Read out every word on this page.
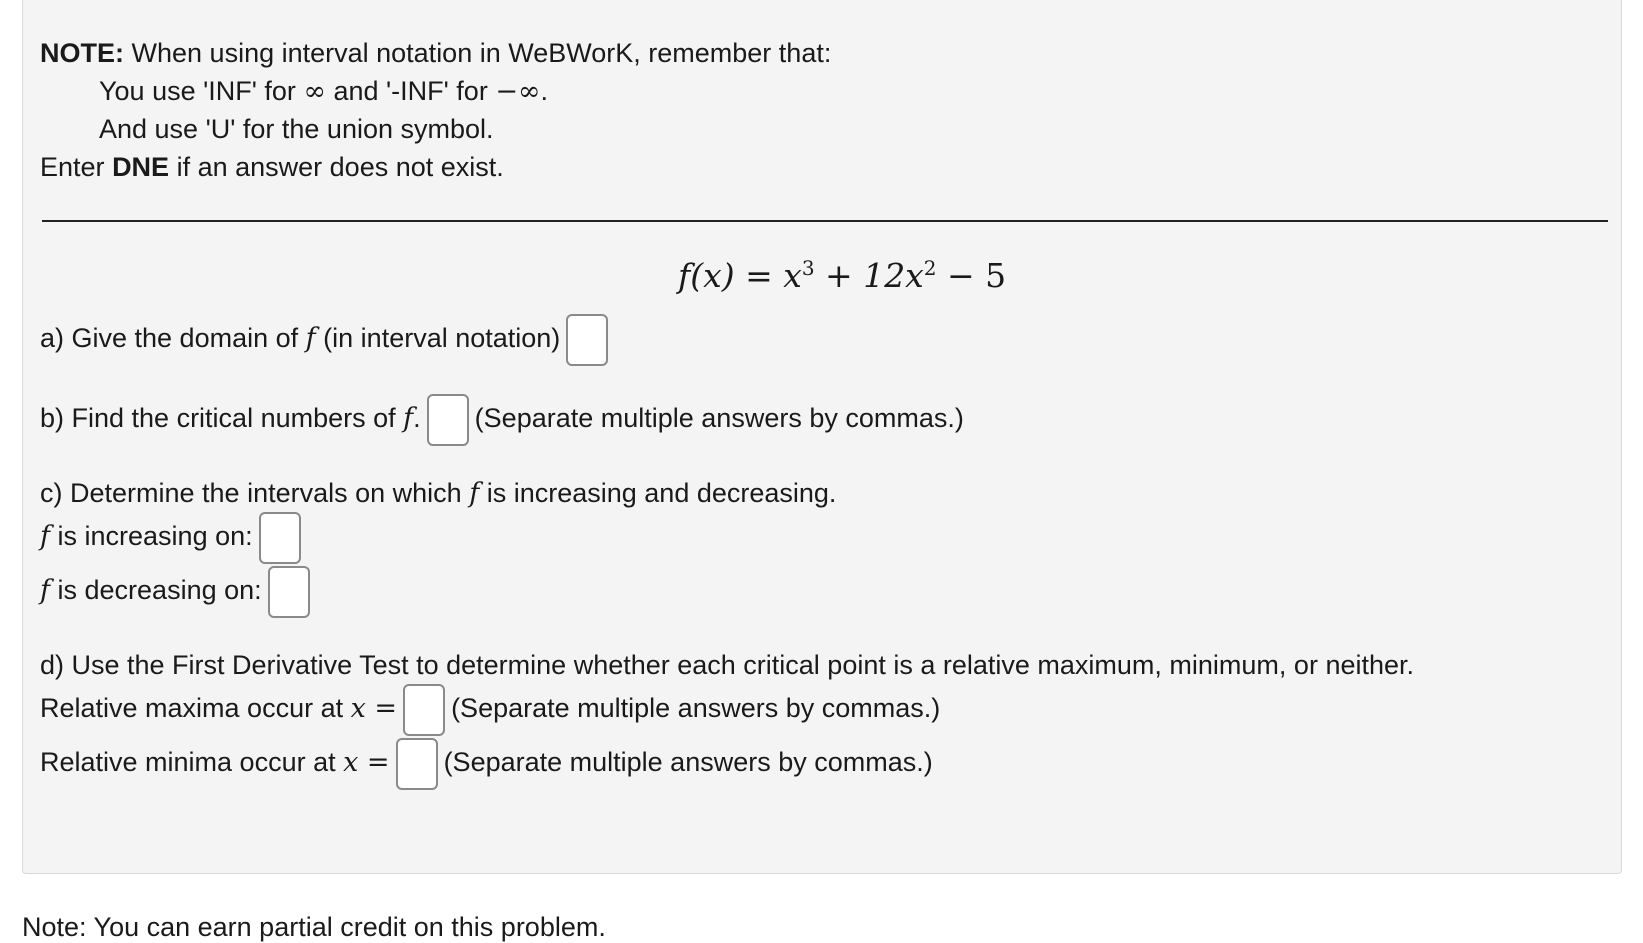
NOTE: When using interval notation in WeBWorK, remember that:
You use 'INF' for ∞ and '-INF' for −∞.
And use 'U' for the union symbol.
Enter DNE if an answer does not exist.
$f(x) = x^3 + 12x^2 - 5$
a) Give the domain of f (in interval notation)
b) Find the critical numbers of f. (Separate multiple answers by commas.)
c) Determine the intervals on which f is increasing and decreasing.
f is increasing on:
f is decreasing on:
d) Use the First Derivative Test to determine whether each critical point is a relative maximum, minimum, or neither.
Relative maxima occur at x = (Separate multiple answers by commas.)
Relative minima occur at x = (Separate multiple answers by commas.)
Note: You can earn partial credit on this problem.
